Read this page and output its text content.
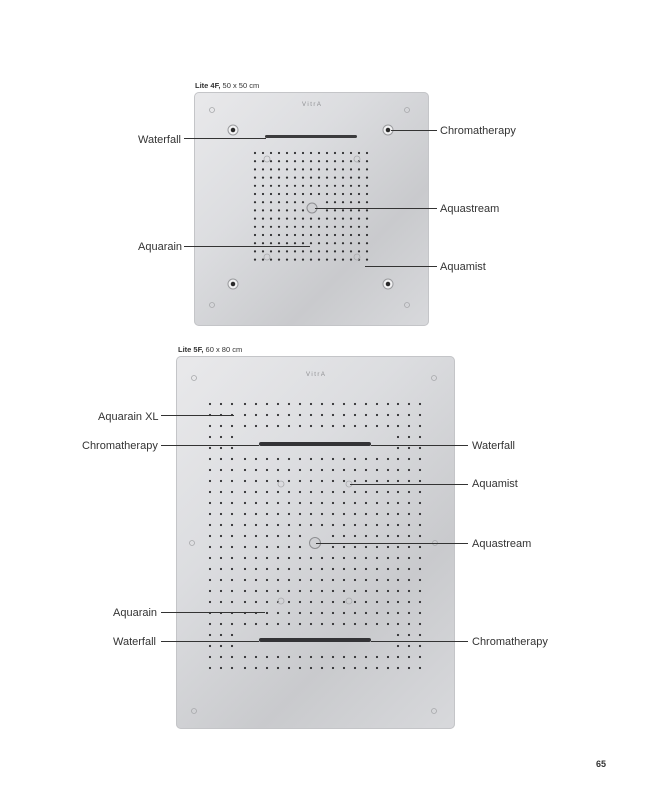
Lite 4F, 50 x 50 cm
VitrA
Waterfall
Chromatherapy
Aquastream
Aquarain
Aquamist
Lite 5F, 60 x 80 cm
VitrA
Aquarain XL
Chromatherapy	Waterfall
Aquamist
Aquastream
Aquarain
Waterfall	Chromatherapy
65
